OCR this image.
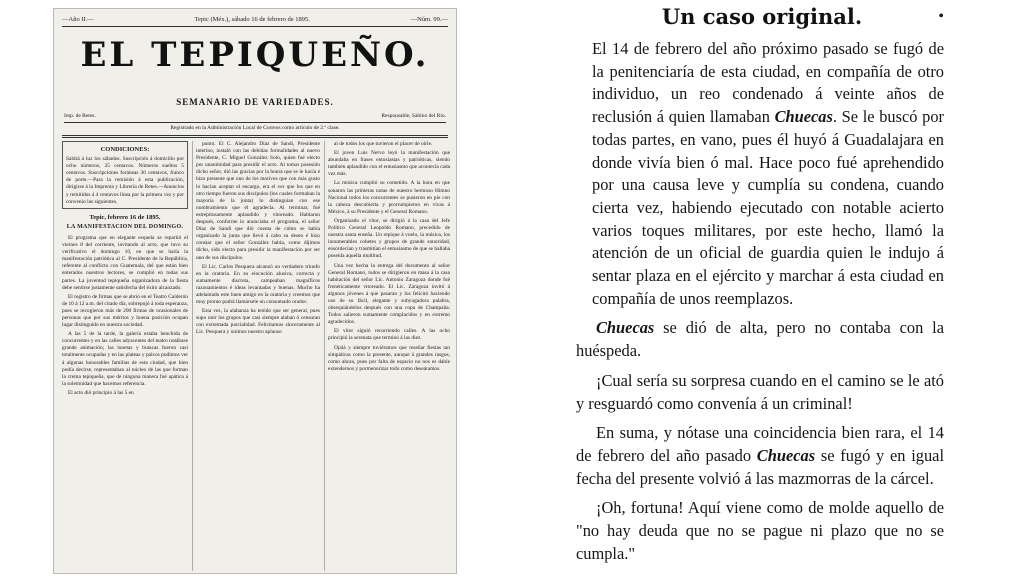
—Año II.—	Tepic (Méx.), sábado 16 de febrero de 1895.	—Núm. 99.—
EL TEPIQUEÑO.
SEMANARIO DE VARIEDADES.
Imp. de Retes.	Responsable, Sabino del Río.
Registrado en la Administración Local de Correos como artículo de 2.ª clase.
CONDICIONES:
Saldrá á luz los sábados. Suscripción á domicilio por ocho números, 25 centavos. Números sueltos 5 centavos. Suscripciones foráneas 30 centavos, franco de porte.—Para la remisión á esta publicación, dirigirse á la Imprenta y Librería de Retes.—Anuncios y remitidos á 4 centavos línea por la primera vez y por convenio las siguientes.
Tepic, febrero 16 de 1895.
LA MANIFESTACION DEL DOMINGO.

El programa que en elegante esquela se repartió el viernes 8 del corriente, invitando al acto, que tuvo su verificativo el domingo 10, en que se haría la manifestación patriótica al C. Presidente de la República, referente al conflicto con Guatemala, del que están bien enterados nuestros lectores, se cumplió en todas sus partes. La juventud tepiqueña organizadora de la fiesta debe sentirse justamente satisfecha del éxito alcanzado.

El registro de firmas que se abrió en el Teatro Calderón de 10 á 12 a.m. del citado día, sobrepujó á toda esperanza, pues se recogieron más de 200 firmas de ocasionales de personas que por sus méritos y buena posición ocupan lugar distinguido en nuestra sociedad.

A las 5 de la tarde, la galería estaba henchida de concurrentes y en las calles adyacentes del teatro notábase grande animación; las lunetas y butacas fueron casi totalmente ocupadas y en las plateas y palcos pudimos ver á algunas honorables familias de esta ciudad, que bien podía decirse, representaban al núcleo de las que forman la crema tepiqueña, que de ninguna manera fué apática á la solemnidad que hacemos referencia.

El acto dió principio á las 5 en

punto. El C. Alejandro Díaz de Sandi, Presidente interino, instaló con las debidas formalidades al nuevo Presidente, C. Miguel González Soto, quien fué electo por unanimidad para presidir el acto. Al tomar posesión dicho señor, dió las gracias por la honra que se le hacía é hizo presente que uno de los motivos que con más gusto lo hacían aceptar el encargo, era el ver que los que en otro tiempo fueron sus discípulos (los cuales formaban la mayoría de la junta) lo distinguían con ese nombramiento que él agradecía. Al terminar, fué estrepitosamente aplaudido y vitoreado. Hablaron después, conforme lo anunciaba el programa, el señor Díaz de Sandi que dió cuenta de cómo se había organizado la junta que llevó á cabo su deseo é hizo constar que el señor González había, como dijimos dicho, sido electo para presidir la manifestación por ser uno de sus discípulos.

El Lic. Carlos Pesquera alcanzó un verdadero triunfo en la oratoria. En su elocución alusiva, correcta y sumamente discreta, campeaban magníficos razonamientos é ideas levantadas y buenas. Mucho ha adelantado este buen amigo en la oratoria y creemos que muy pronto podrá llamársele un consumado orador.

Esta vez, la alabanza ha tenido que ser general, pues supo unir los grupos que casi siempre alaban ó censuran con extremada parcialidad. Felicitamos sinceramente al Lic. Pesquera y unimos nuestro aplauso

al de todos los que tuvieron el placer de oírle.

El joven Luis Nervo leyó la manifestación que abundaba en frases entusiastas y patrióticas, siendo también aplaudido con el entusiasmo que acontecía cada vez más.

La música cumplió su cometido. A la hora en que sonaron las primeras notas de nuestro hermoso Himno Nacional todos los concurrentes se pusieron en pie con la cabeza descubierta y prorrumpieron en vivas á México, á su Presidente y el General Romano.

Organizado el vítor, se dirigió á la casa del Jefe Político General Leopoldo Romano, precedido de nuestra santa enseña. Un repique á vuelo, la música, los innumerables cohetes y grupos de grande sonoridad, ensordecían y trasmitían el entusiasmo de que se hallaba poseída aquella multitud.

Una vez hecha la entrega del documento al señor General Romano, todos se dirigieron en masa á la casa habitación del señor Lic. Antonio Zaragoza donde fué frenéticamente vitoreado. El Lic. Zaragoza invitó á algunos jóvenes á que pasaran y los felicitó haciendo uso de su fácil, elegante y subyugadora palabra, obsequiándolos después con una copa de Champaña. Todos salieron sumamente complacidos y en extremo agradecidos.

El vítor siguió recorriendo calles. A las ocho principió la serenata que terminó á las diez.

Ojalá y siempre tuviéramos que reseñar fiestas tan simpáticas como la presente, aunque á grandes rasgos, como ahora, pues por falta de espacio no nos es dable extendernos y pormenorizar todo como deseáramos.

Un caso original.	•

El 14 de febrero del año próximo pasado se fugó de la penitenciaría de esta ciudad, en compañía de otro individuo, un reo condenado á veinte años de reclusión á quien llamaban Chuecas. Se le buscó por todas partes, en vano, pues él huyó á Guadalajara en donde vivía bien ó mal. Hace poco fué aprehendido por una causa leve y cumplía su condena, cuando cierta vez, habiendo ejecutado con notable acierto varios toques militares, por este hecho, llamó la atención de un oficial de guardia quien le indujo á sentar plaza en el ejército y marchar á esta ciudad en compañía de unos reemplazos.

Chuecas se dió de alta, pero no contaba con la huéspeda.

¡Cual sería su sorpresa cuando en el camino se le ató y resguardó como convenía á un criminal!

En suma, y nótase una coincidencia bien rara, el 14 de febrero del año pasado Chuecas se fugó y en igual fecha del presente volvió á las mazmorras de la cárcel.

¡Oh, fortuna! Aquí viene como de molde aquello de "no hay deuda que no se pague ni plazo que no se cumpla."
